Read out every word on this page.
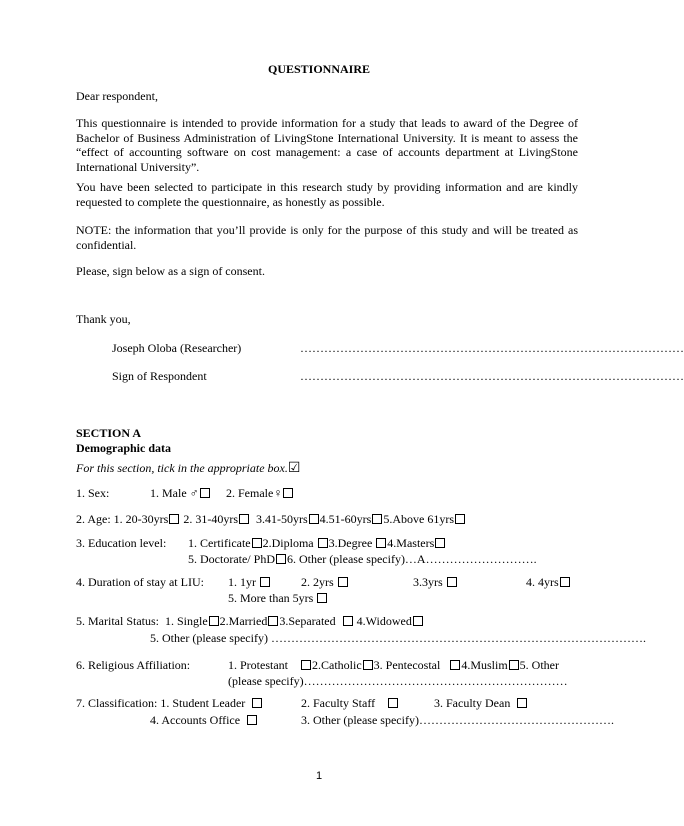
QUESTIONNAIRE
Dear respondent,
This questionnaire is intended to provide information for a study that leads to award of the Degree of Bachelor of Business Administration of LivingStone International University. It is meant to assess the “effect of accounting software on cost management: a case of accounts department at LivingStone International University”.
You have been selected to participate in this research study by providing information and are kindly requested to complete the questionnaire, as honestly as possible.
NOTE: the information that you’ll provide is only for the purpose of this study and will be treated as confidential.
Please, sign below as a sign of consent.
Thank you,
Joseph Oloba (Researcher)	……………………………………………………………………………………
Sign of Respondent	……………………………………………………………………………………
SECTION A
Demographic data
For this section, tick in the appropriate box.☑
1. Sex:	1. Male ♂	2. Female♀
2. Age: 1. 20-30yrs 2. 31-40yrs 3.41-50yrs 4.51-60yrs 5.Above 61yrs
3. Education level: 1. Certificate 2.Diploma 3.Degree 4.Masters
5. Doctorate/ PhD 6. Other (please specify)…A……………………….
4. Duration of stay at LIU: 1. 1yr	2. 2yrs	3.3yrs	4. 4yrs
5. More than 5yrs
5. Marital Status: 1. Single 2.Married 3.Separated 4.Widowed
5. Other (please specify) ………………………………………………………………………………….
6. Religious Affiliation:	1. Protestant 2.Catholic 3. Pentecostal 4.Muslim 5. Other
(please specify)…………………………………………………………
7. Classification: 1. Student Leader	2. Faculty Staff	3. Faculty Dean
4. Accounts Office	3. Other (please specify)………………………………………….
1
